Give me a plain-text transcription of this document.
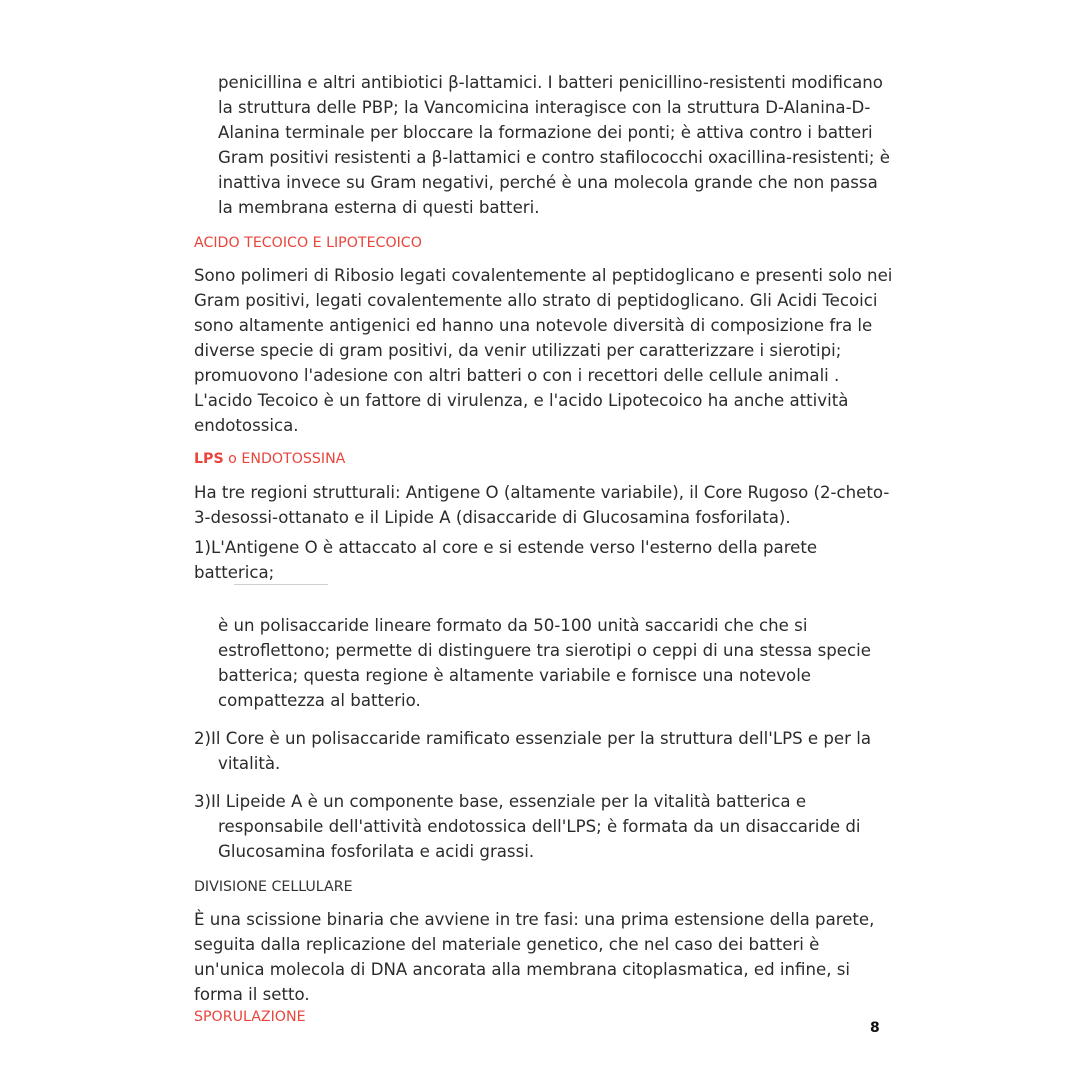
penicillina e altri antibiotici β-lattamici. I batteri penicillino-resistenti modificano la struttura delle PBP; la Vancomicina interagisce con la struttura D-Alanina-D-Alanina terminale per bloccare la formazione dei ponti; è attiva contro i batteri Gram positivi resistenti a β-lattamici e contro stafilococchi oxacillina-resistenti; è inattiva invece su Gram negativi, perché è una molecola grande che non passa la membrana esterna di questi batteri.

ACIDO TECOICO E LIPOTECOICO

Sono polimeri di Ribosio legati covalentemente al peptidoglicano e presenti solo nei Gram positivi, legati covalentemente allo strato di peptidoglicano. Gli Acidi Tecoici sono altamente antigenici ed hanno una notevole diversità di composizione fra le diverse specie di gram positivi, da venir utilizzati per caratterizzare i sierotipi; promuovono l'adesione con altri batteri o con i recettori delle cellule animali . L'acido Tecoico è un fattore di virulenza, e l'acido Lipotecoico ha anche attività endotossica.

LPS o ENDOTOSSINA

Ha tre regioni strutturali: Antigene O (altamente variabile), il Core Rugoso (2-cheto-3-desossi-ottanato e il Lipide A (disaccaride di Glucosamina fosforilata).

1)L'Antigene O è attaccato al core e si estende verso l'esterno della parete batterica;

è un polisaccaride lineare formato da 50-100 unità saccaridi che che si estroflettono; permette di distinguere tra sierotipi o ceppi di una stessa specie batterica; questa regione è altamente variabile e fornisce una notevole compattezza al batterio.

2)Il Core è un polisaccaride ramificato essenziale per la struttura dell'LPS e per la vitalità.

3)Il Lipeide A è un componente base, essenziale per la vitalità batterica e responsabile dell'attività endotossica dell'LPS; è formata da un disaccaride di Glucosamina fosforilata e acidi grassi.

DIVISIONE CELLULARE

È una scissione binaria che avviene in tre fasi: una prima estensione della parete, seguita dalla replicazione del materiale genetico, che nel caso dei batteri è un'unica molecola di DNA ancorata alla membrana citoplasmatica, ed infine, si forma il setto.

SPORULAZIONE
8
